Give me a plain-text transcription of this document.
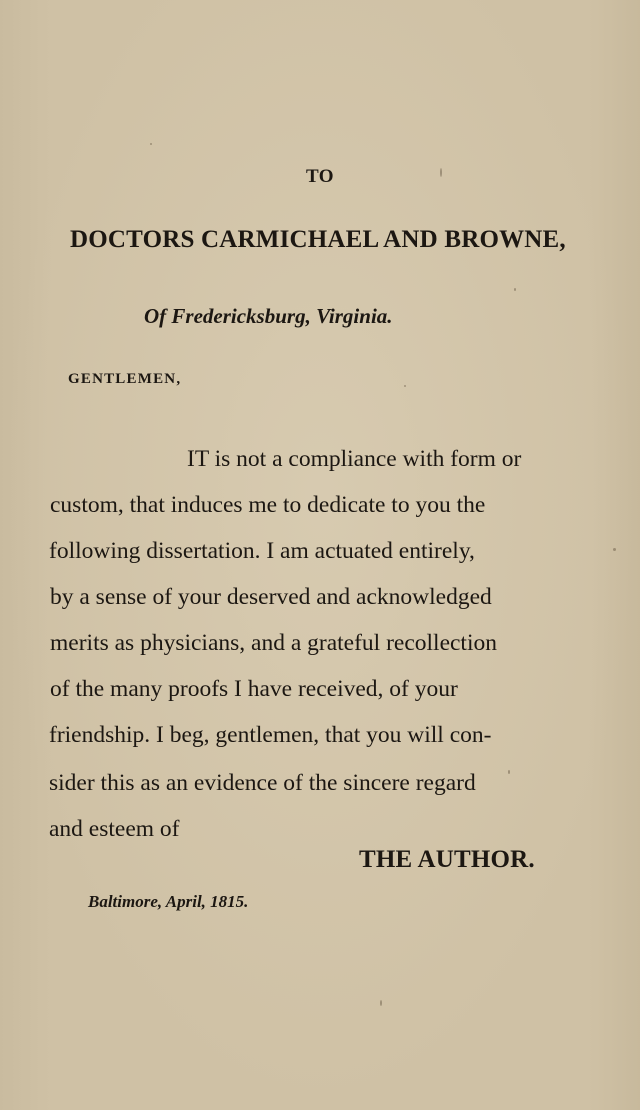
TO

DOCTORS CARMICHAEL AND BROWNE,

Of Fredericksburg, Virginia.

GENTLEMEN,

IT is not a compliance with form or

custom, that induces me to dedicate to you the

following dissertation. I am actuated entirely,

by a sense of your deserved and acknowledged

merits as physicians, and a grateful recollection

of the many proofs I have received, of your

friendship. I beg, gentlemen, that you will con-

sider this as an evidence of the sincere regard

and esteem of

THE AUTHOR.

Baltimore, April, 1815.
